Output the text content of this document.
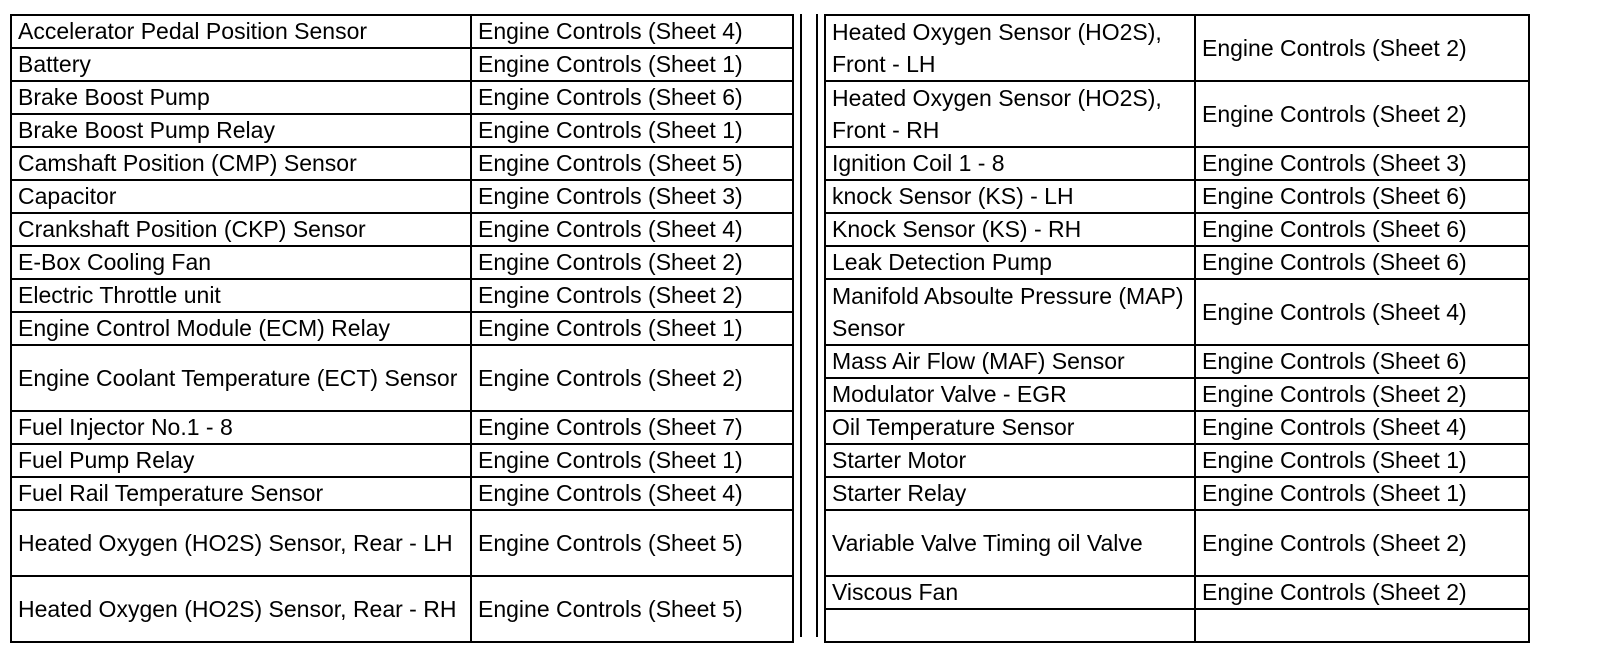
Accelerator Pedal Position Sensor	Engine Controls (Sheet 4)
Battery	Engine Controls (Sheet 1)
Brake Boost Pump	Engine Controls (Sheet 6)
Brake Boost Pump Relay	Engine Controls (Sheet 1)
Camshaft Position (CMP) Sensor	Engine Controls (Sheet 5)
Capacitor	Engine Controls (Sheet 3)
Crankshaft Position (CKP) Sensor	Engine Controls (Sheet 4)
E-Box Cooling Fan	Engine Controls (Sheet 2)
Electric Throttle unit	Engine Controls (Sheet 2)
Engine Control Module (ECM) Relay	Engine Controls (Sheet 1)
Engine Coolant Temperature (ECT) Sensor	Engine Controls (Sheet 2)
Fuel Injector No.1 - 8	Engine Controls (Sheet 7)
Fuel Pump Relay	Engine Controls (Sheet 1)
Fuel Rail Temperature Sensor	Engine Controls (Sheet 4)
Heated Oxygen (HO2S) Sensor, Rear - LH	Engine Controls (Sheet 5)
Heated Oxygen (HO2S) Sensor, Rear - RH	Engine Controls (Sheet 5)
Heated Oxygen Sensor (HO2S), Front - LH	Engine Controls (Sheet 2)
Heated Oxygen Sensor (HO2S), Front - RH	Engine Controls (Sheet 2)
Ignition Coil 1 - 8	Engine Controls (Sheet 3)
knock Sensor (KS) - LH	Engine Controls (Sheet 6)
Knock Sensor (KS) - RH	Engine Controls (Sheet 6)
Leak Detection Pump	Engine Controls (Sheet 6)
Manifold Absoulte Pressure (MAP) Sensor	Engine Controls (Sheet 4)
Mass Air Flow (MAF) Sensor	Engine Controls (Sheet 6)
Modulator Valve - EGR	Engine Controls (Sheet 2)
Oil Temperature Sensor	Engine Controls (Sheet 4)
Starter Motor	Engine Controls (Sheet 1)
Starter Relay	Engine Controls (Sheet 1)
Variable Valve Timing oil Valve	Engine Controls (Sheet 2)
Viscous Fan	Engine Controls (Sheet 2)
